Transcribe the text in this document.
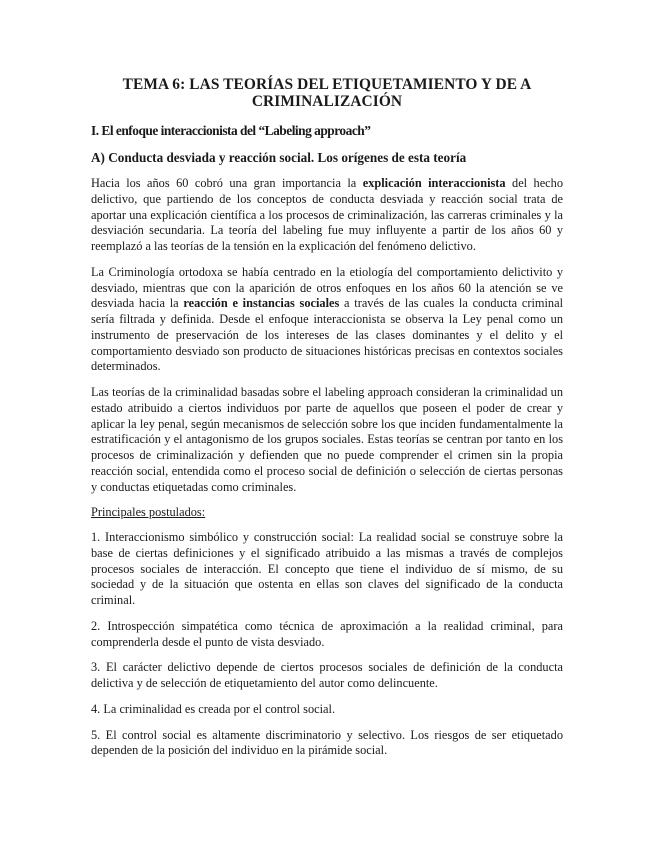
TEMA 6: LAS TEORÍAS DEL ETIQUETAMIENTO Y DE A CRIMINALIZACIÓN
I. El enfoque interaccionista del “Labeling approach”
A) Conducta desviada y reacción social. Los orígenes de esta teoría

Hacia los años 60 cobró una gran importancia la explicación interaccionista del hecho delictivo, que partiendo de los conceptos de conducta desviada y reacción social trata de aportar una explicación científica a los procesos de criminalización, las carreras criminales y la desviación secundaria. La teoría del labeling fue muy influyente a partir de los años 60 y reemplazó a las teorías de la tensión en la explicación del fenómeno delictivo.

La Criminología ortodoxa se había centrado en la etiología del comportamiento delictivito y desviado, mientras que con la aparición de otros enfoques en los años 60 la atención se ve desviada hacia la reacción e instancias sociales a través de las cuales la conducta criminal sería filtrada y definida. Desde el enfoque interaccionista se observa la Ley penal como un instrumento de preservación de los intereses de las clases dominantes y el delito y el comportamiento desviado son producto de situaciones históricas precisas en contextos sociales determinados.

Las teorías de la criminalidad basadas sobre el labeling approach consideran la criminalidad un estado atribuido a ciertos individuos por parte de aquellos que poseen el poder de crear y aplicar la ley penal, según mecanismos de selección sobre los que inciden fundamentalmente la estratificación y el antagonismo de los grupos sociales. Estas teorías se centran por tanto en los procesos de criminalización y defienden que no puede comprender el crimen sin la propia reacción social, entendida como el proceso social de definición o selección de ciertas personas y conductas etiquetadas como criminales.

Principales postulados:

1. Interaccionismo simbólico y construcción social: La realidad social se construye sobre la base de ciertas definiciones y el significado atribuido a las mismas a través de complejos procesos sociales de interacción. El concepto que tiene el individuo de sí mismo, de su sociedad y de la situación que ostenta en ellas son claves del significado de la conducta criminal.

2. Introspección simpatética como técnica de aproximación a la realidad criminal, para comprenderla desde el punto de vista desviado.

3. El carácter delictivo depende de ciertos procesos sociales de definición de la conducta delictiva y de selección de etiquetamiento del autor como delincuente.

4. La criminalidad es creada por el control social.

5. El control social es altamente discriminatorio y selectivo. Los riesgos de ser etiquetado dependen de la posición del individuo en la pirámide social.
